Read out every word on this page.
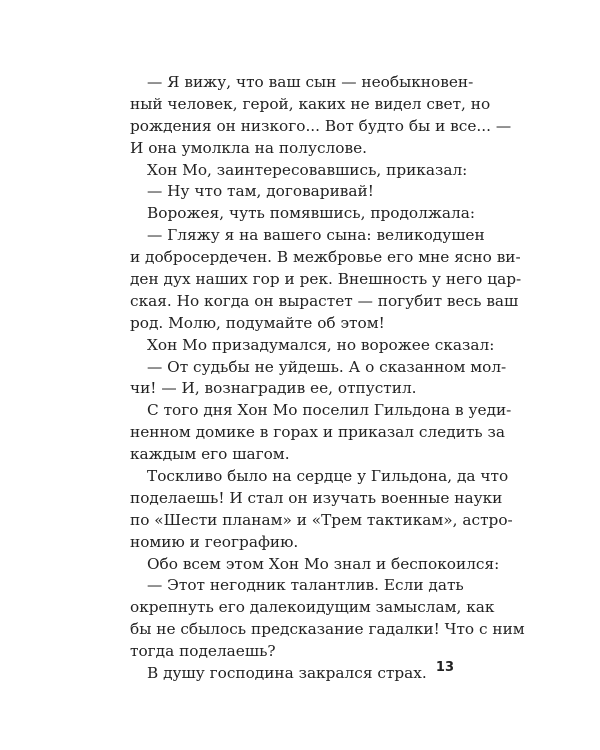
— Я вижу, что ваш сын — необыкновен-
ный человек, герой, каких не видел свет, но
рождения он низкого... Вот будто бы и все... —
И она умолкла на полуслове.
Хон Мо, заинтересовавшись, приказал:
— Ну что там, договаривай!
Ворожея, чуть помявшись, продолжала:
— Гляжу я на вашего сына: великодушен
и добросердечен. В межбровье его мне ясно ви-
ден дух наших гор и рек. Внешность у него цар-
ская. Но когда он вырастет — погубит весь ваш
род. Молю, подумайте об этом!
Хон Мо призадумался, но ворожее сказал:
— От судьбы не уйдешь. А о сказанном мол-
чи! — И, вознаградив ее, отпустил.
С того дня Хон Мо поселил Гильдона в уеди-
ненном домике в горах и приказал следить за
каждым его шагом.
Тоскливо было на сердце у Гильдона, да что
поделаешь! И стал он изучать военные науки
по «Шести планам» и «Трем тактикам», астро-
номию и географию.
Обо всем этом Хон Мо знал и беспокоился:
— Этот негодник талантлив. Если дать
окрепнуть его далекоидущим замыслам, как
бы не сбылось предсказание гадалки! Что с ним
тогда поделаешь?
В душу господина закрался страх. 13
